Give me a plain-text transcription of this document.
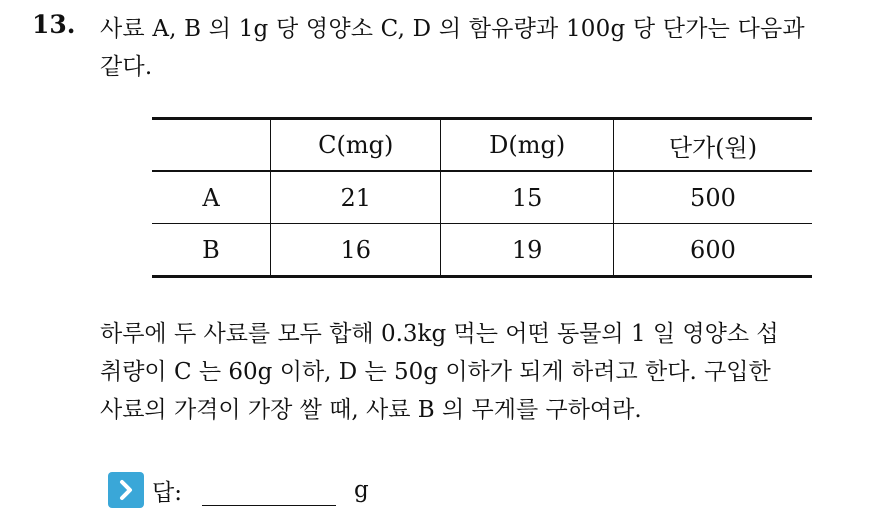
13. 사료 A, B 의 1g 당 영양소 C, D 의 함유량과 100g 당 단가는 다음과
같다.
	C(mg)	D(mg)	단가(원)
A	21	15	500
B	16	19	600
하루에 두 사료를 모두 합해 0.3kg 먹는 어떤 동물의 1 일 영양소 섭
취량이 C 는 60g 이하, D 는 50g 이하가 되게 하려고 한다. 구입한
사료의 가격이 가장 쌀 때, 사료 B 의 무게를 구하여라.
답:	g
